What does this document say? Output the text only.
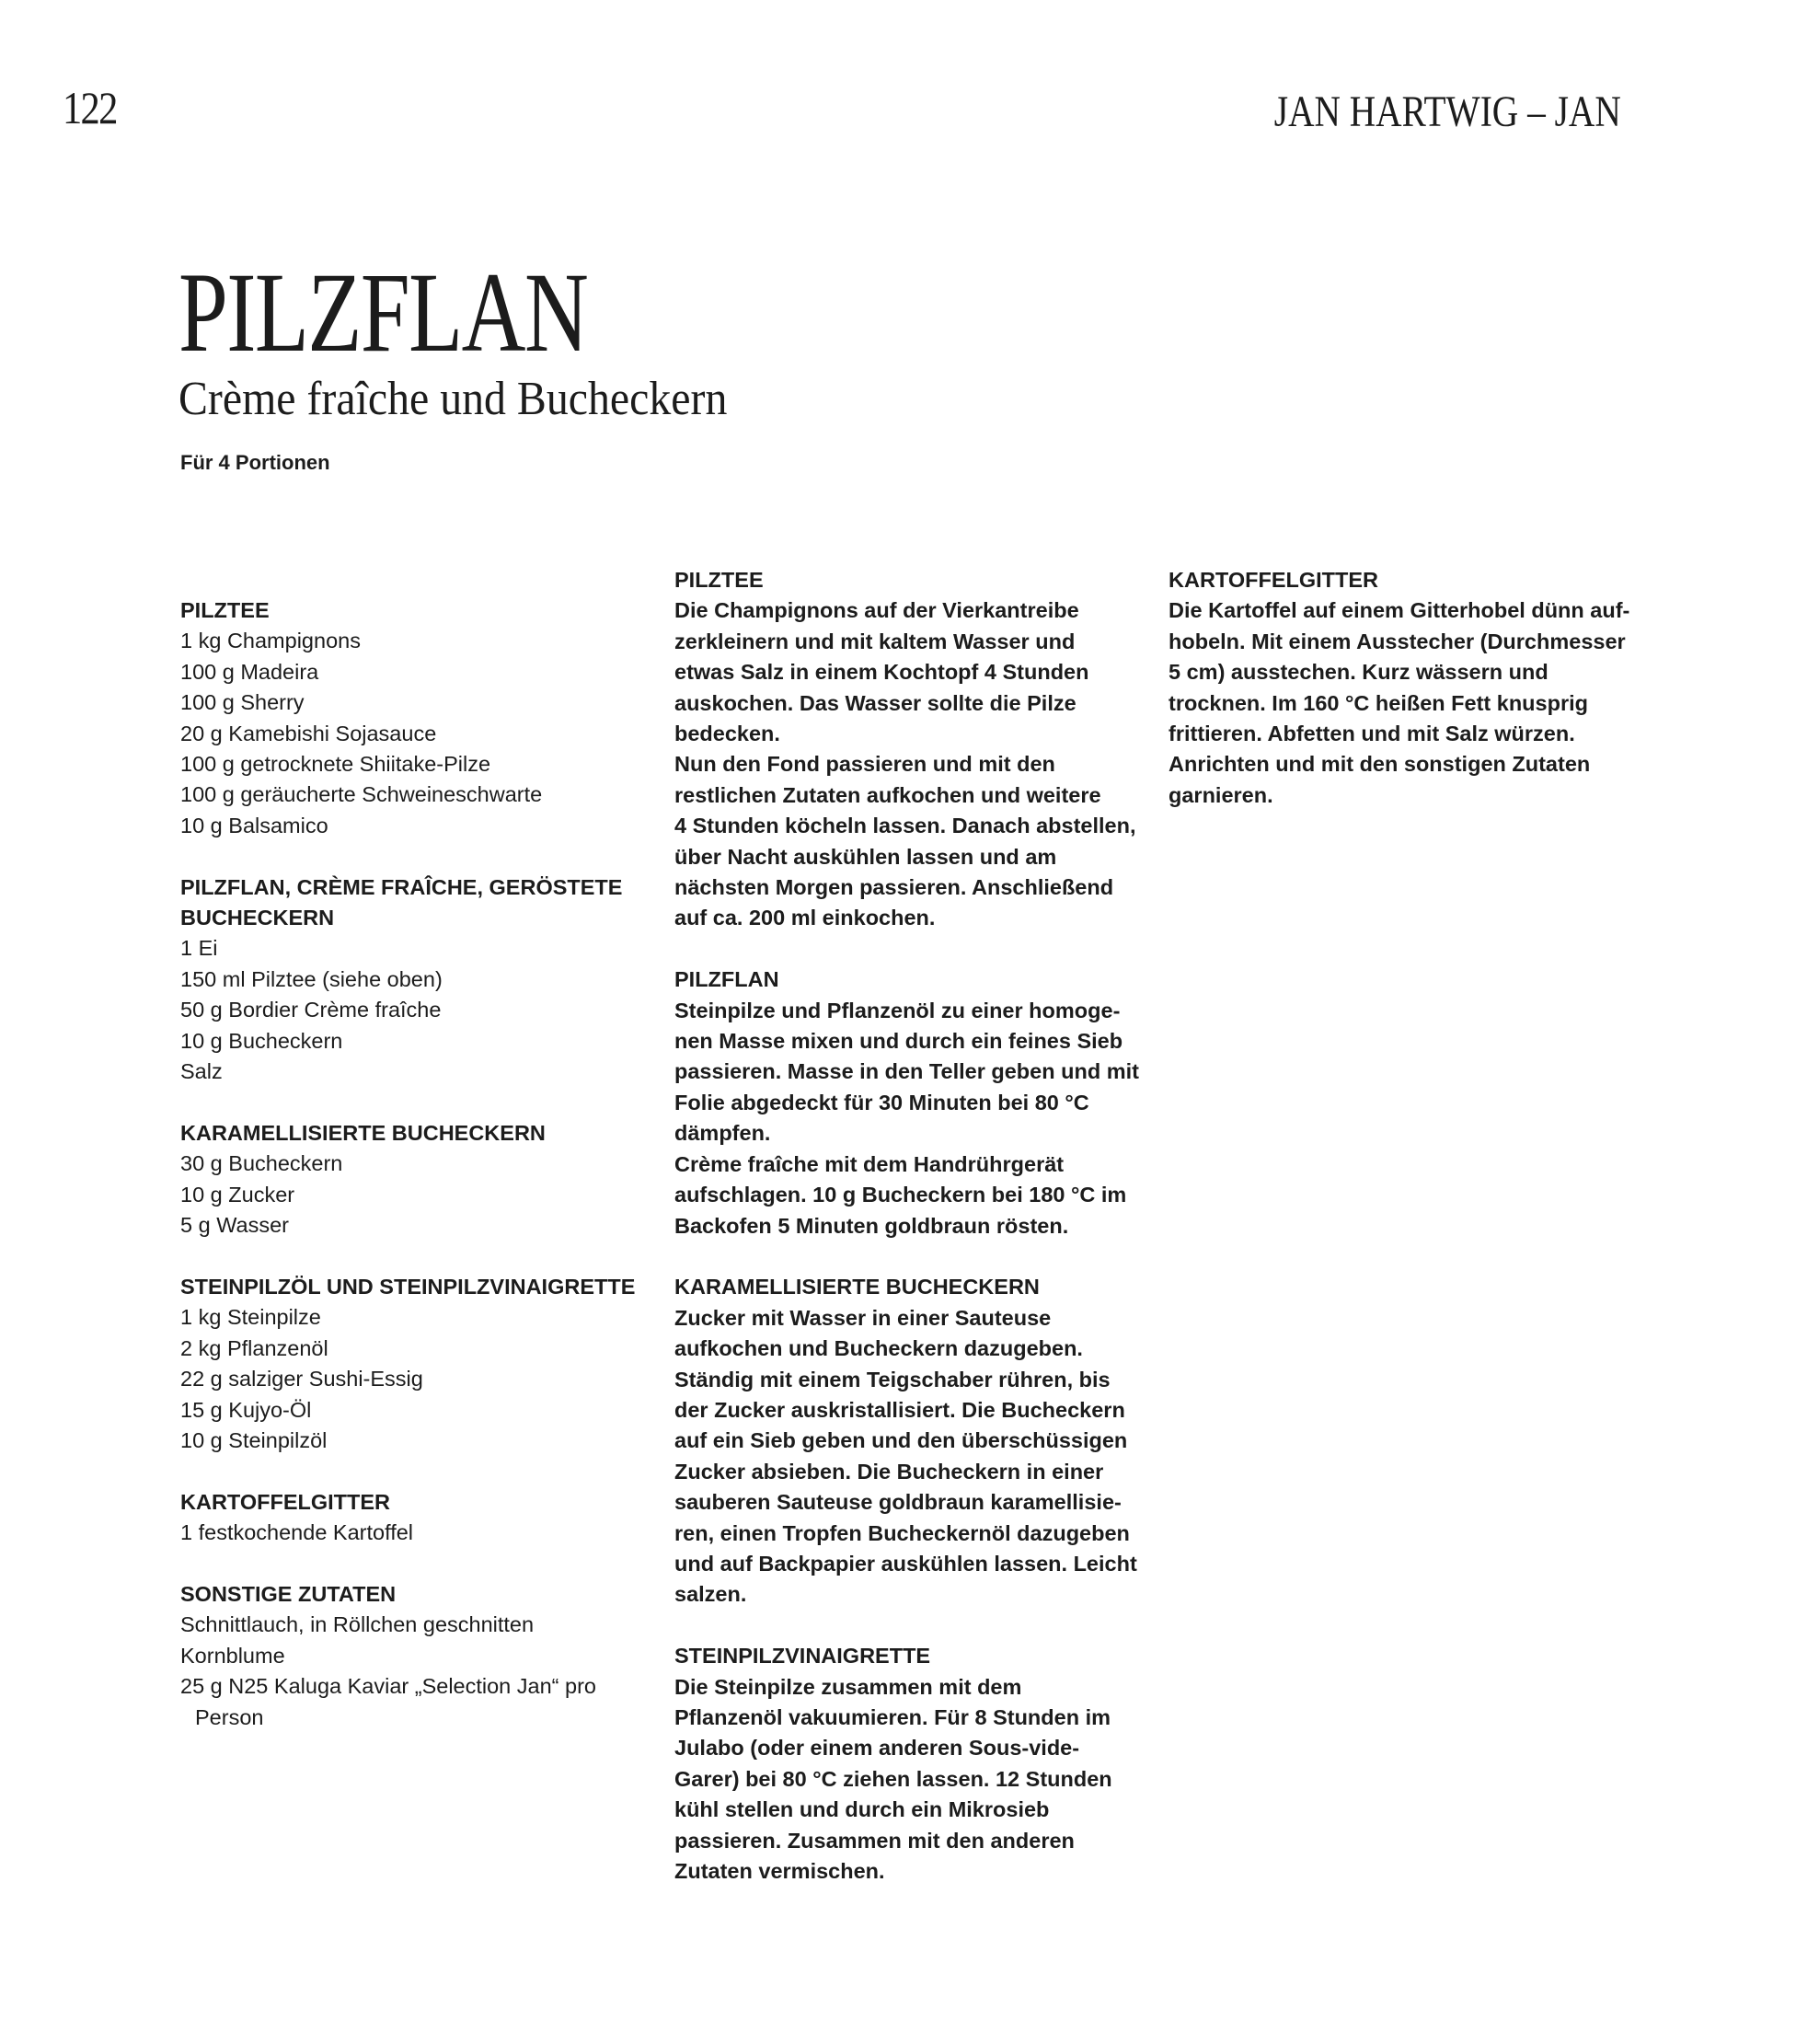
122	JAN HARTWIG – JAN
PILZFLAN
Crème fraîche und Bucheckern
Für 4 Portionen
PILZTEE
1 kg Champignons
100 g Madeira
100 g Sherry
20 g Kamebishi Sojasauce
100 g getrocknete Shiitake-Pilze
100 g geräucherte Schweineschwarte
10 g Balsamico
PILZFLAN, CRÈME FRAÎCHE, GERÖSTETE BUCHECKERN
1 Ei
150 ml Pilztee (siehe oben)
50 g Bordier Crème fraîche
10 g Bucheckern
Salz
KARAMELLISIERTE BUCHECKERN
30 g Bucheckern
10 g Zucker
5 g Wasser
STEINPILZÖL UND STEINPILZVINAIGRETTE
1 kg Steinpilze
2 kg Pflanzenöl
22 g salziger Sushi-Essig
15 g Kujyo-Öl
10 g Steinpilzöl
KARTOFFELGITTER
1 festkochende Kartoffel
SONSTIGE ZUTATEN
Schnittlauch, in Röllchen geschnitten
Kornblume
25 g N25 Kaluga Kaviar „Selection Jan“ pro Person
PILZTEE
Die Champignons auf der Vierkantreibe
zerkleinern und mit kaltem Wasser und
etwas Salz in einem Kochtopf 4 Stunden
auskochen. Das Wasser sollte die Pilze
bedecken.
Nun den Fond passieren und mit den
restlichen Zutaten aufkochen und weitere
4 Stunden köcheln lassen. Danach abstellen,
über Nacht auskühlen lassen und am
nächsten Morgen passieren. Anschließend
auf ca. 200 ml einkochen.
PILZFLAN
Steinpilze und Pflanzenöl zu einer homoge-
nen Masse mixen und durch ein feines Sieb
passieren. Masse in den Teller geben und mit
Folie abgedeckt für 30 Minuten bei 80 °C
dämpfen.
Crème fraîche mit dem Handrührgerät
aufschlagen. 10 g Bucheckern bei 180 °C im
Backofen 5 Minuten goldbraun rösten.
KARAMELLISIERTE BUCHECKERN
Zucker mit Wasser in einer Sauteuse
aufkochen und Bucheckern dazugeben.
Ständig mit einem Teigschaber rühren, bis
der Zucker auskristallisiert. Die Bucheckern
auf ein Sieb geben und den überschüssigen
Zucker absieben. Die Bucheckern in einer
sauberen Sauteuse goldbraun karamellisie-
ren, einen Tropfen Bucheckernöl dazugeben
und auf Backpapier auskühlen lassen. Leicht
salzen.
STEINPILZVINAIGRETTE
Die Steinpilze zusammen mit dem
Pflanzenöl vakuumieren. Für 8 Stunden im
Julabo (oder einem anderen Sous-vide-
Garer) bei 80 °C ziehen lassen. 12 Stunden
kühl stellen und durch ein Mikrosieb
passieren. Zusammen mit den anderen
Zutaten vermischen.
KARTOFFELGITTER
Die Kartoffel auf einem Gitterhobel dünn auf-
hobeln. Mit einem Ausstecher (Durchmesser
5 cm) ausstechen. Kurz wässern und
trocknen. Im 160 °C heißen Fett knusprig
frittieren. Abfetten und mit Salz würzen.
Anrichten und mit den sonstigen Zutaten
garnieren.
